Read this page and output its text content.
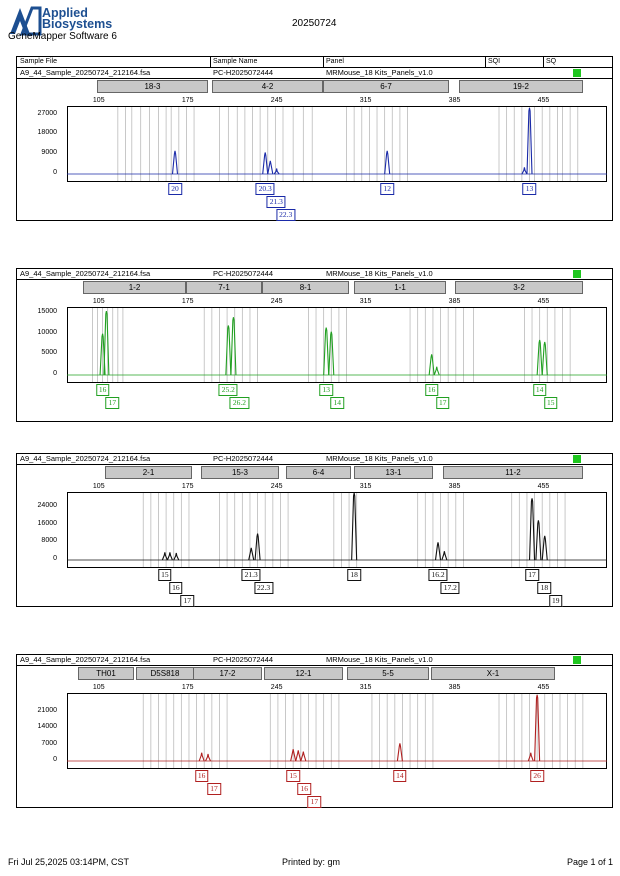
Applied
Biosystems
GeneMapper Software 6
20250724
Sample File	Sample Name	Panel	SQI	SQ
A9_44_Sample_20250724_212164.fsa	PC-H2025072444	MRMouse_18 Kits_Panels_v1.0
18-3	4-2	6-7	19-2
105	175	245	315	385	455
27000
18000
9000
0
20	20.3
21.3
22.3
12	13
A9_44_Sample_20250724_212164.fsa	PC-H2025072444	MRMouse_18 Kits_Panels_v1.0
1-2	7-1	8-1	1-1	3-2
105	175	245	315	385	455
15000
10000
5000
0
16
17
25.2
26.2
13
14
16
17
14
15
A9_44_Sample_20250724_212164.fsa	PC-H2025072444	MRMouse_18 Kits_Panels_v1.0
2-1	15-3	6-4	13-1	11-2
105	175	245	315	385	455
24000
16000
8000
0
15
16
17
21.3
22.3
18	16.2
17.2
17
18
19
A9_44_Sample_20250724_212164.fsa	PC-H2025072444	MRMouse_18 Kits_Panels_v1.0
TH01	D5S818	17-2	12-1	5-5	X-1
105	175	245	315	385	455
21000
14000
7000
0
16
17
15
16
17
14	26
Fri Jul 25,2025 03:14PM, CST	Printed by: gm	Page 1 of 1
